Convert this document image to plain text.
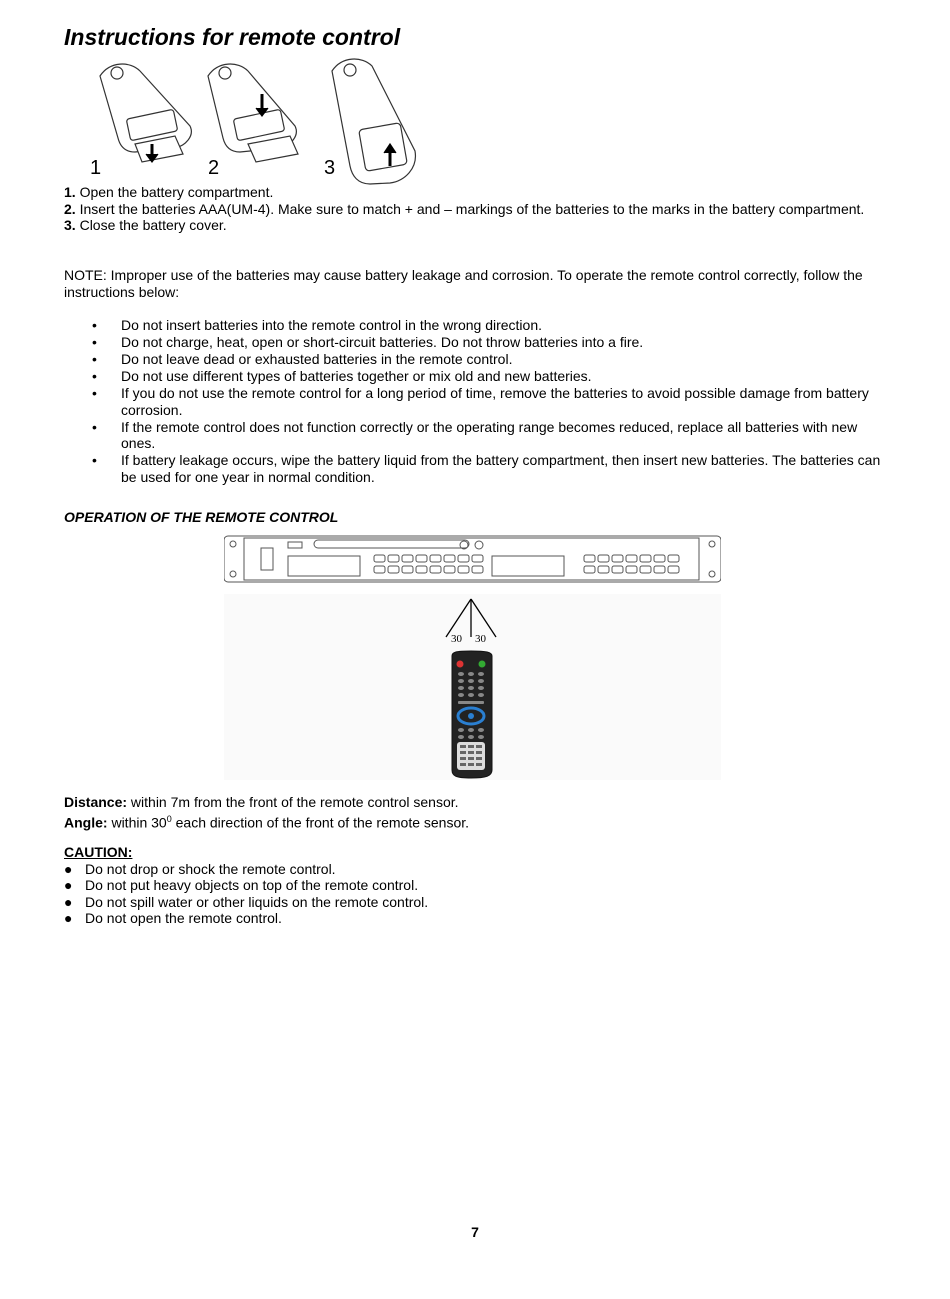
Instructions for remote control
1	2	3
1. Open the battery compartment.
2. Insert the batteries AAA(UM-4). Make sure to match + and – markings of the batteries to the marks in the battery compartment.
3. Close the battery cover.
NOTE: Improper use of the batteries may cause battery leakage and corrosion. To operate the remote control correctly, follow the instructions below:
• Do not insert batteries into the remote control in the wrong direction.
• Do not charge, heat, open or short-circuit batteries. Do not throw batteries into a fire.
• Do not leave dead or exhausted batteries in the remote control.
• Do not use different types of batteries together or mix old and new batteries.
• If you do not use the remote control for a long period of time, remove the batteries to avoid possible damage from battery corrosion.
• If the remote control does not function correctly or the operating range becomes reduced, replace all batteries with new ones.
• If battery leakage occurs, wipe the battery liquid from the battery compartment, then insert new batteries. The batteries can be used for one year in normal condition.
OPERATION OF THE REMOTE CONTROL
30 30
Distance: within 7m from the front of the remote control sensor.
Angle: within $30^0$ each direction of the front of the remote sensor.
CAUTION:
● Do not drop or shock the remote control.
● Do not put heavy objects on top of the remote control.
● Do not spill water or other liquids on the remote control.
● Do not open the remote control.
7
